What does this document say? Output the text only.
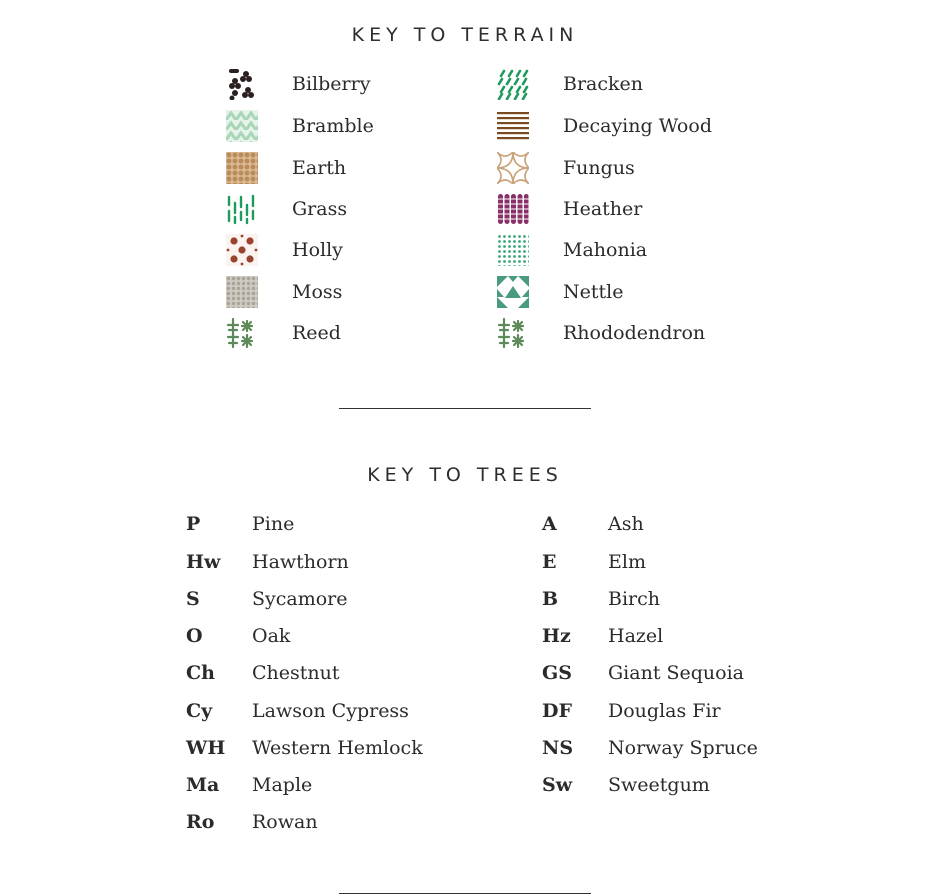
KEY TO TERRAIN
Bilberry
Bramble
Earth
Grass
Holly
Moss
Reed
Bracken
Decaying Wood
Fungus
Heather
Mahonia
Nettle
Rhododendron
KEY TO TREES
P	Pine
Hw Hawthorn
S	Sycamore
O	Oak
Ch Chestnut
Cy Lawson Cypress
WH Western Hemlock
Ma Maple
Ro Rowan
A	Ash
E	Elm
B	Birch
Hz Hazel
GS Giant Sequoia
DF Douglas Fir
NS Norway Spruce
Sw Sweetgum
